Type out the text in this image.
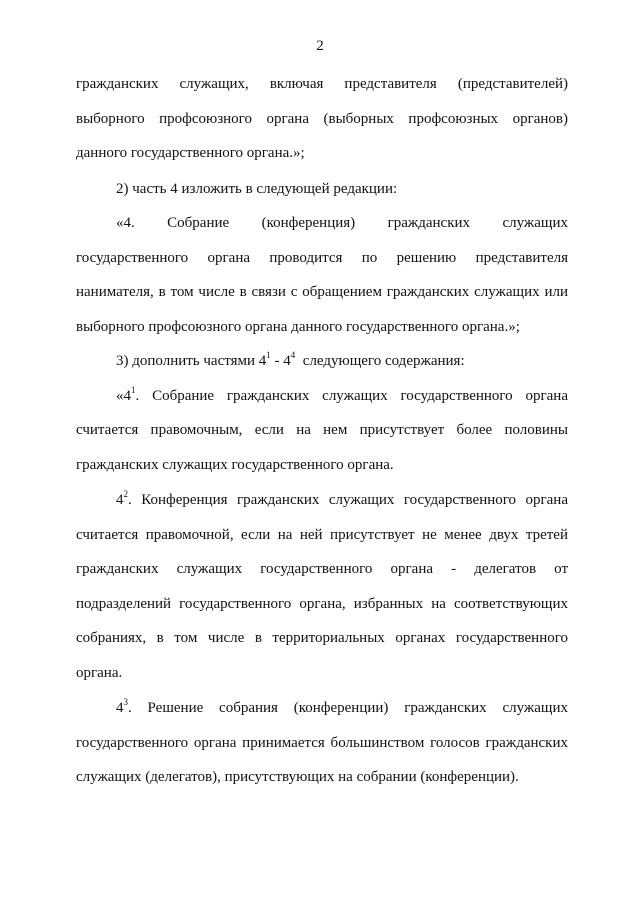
2

гражданских служащих, включая представителя (представителей) выборного профсоюзного органа (выборных профсоюзных органов) данного государственного органа.»;

2) часть 4 изложить в следующей редакции:

«4. Собрание (конференция) гражданских служащих государственного органа проводится по решению представителя нанимателя, в том числе в связи с обращением гражданских служащих или выборного профсоюзного органа данного государственного органа.»;

3) дополнить частями $4^1 - 4^4$  следующего содержания:

«$4^1$. Собрание гражданских служащих государственного органа считается правомочным, если на нем присутствует более половины гражданских служащих государственного органа.

$4^2$. Конференция гражданских служащих государственного органа считается правомочной, если на ней присутствует не менее двух третей гражданских служащих государственного органа - делегатов от подразделений государственного органа, избранных на соответствующих собраниях, в том числе в территориальных органах государственного органа.

$4^3$. Решение собрания (конференции) гражданских служащих государственного органа принимается большинством голосов гражданских служащих (делегатов), присутствующих на собрании (конференции).
